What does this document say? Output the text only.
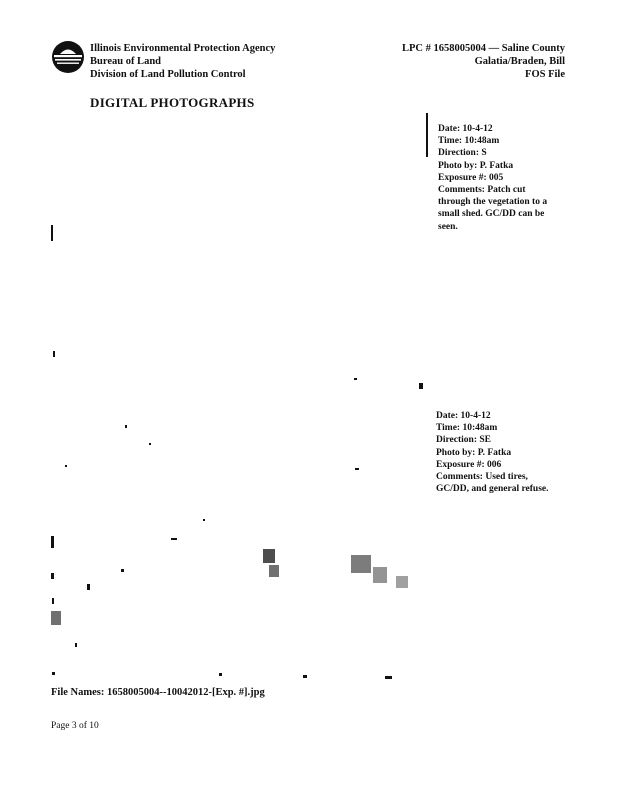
Illinois Environmental Protection Agency
Bureau of Land
Division of Land Pollution Control
LPC # 1658005004 — Saline County
Galatia/Braden, Bill
FOS File
DIGITAL PHOTOGRAPHS
Date: 10-4-12
Time: 10:48am
Direction: S
Photo by: P. Fatka
Exposure #: 005
Comments: Patch cut through the vegetation to a small shed. GC/DD can be seen.
Date: 10-4-12
Time: 10:48am
Direction: SE
Photo by: P. Fatka
Exposure #: 006
Comments: Used tires, GC/DD, and general refuse.
File Names: 1658005004--10042012-[Exp. #].jpg
Page 3 of 10
